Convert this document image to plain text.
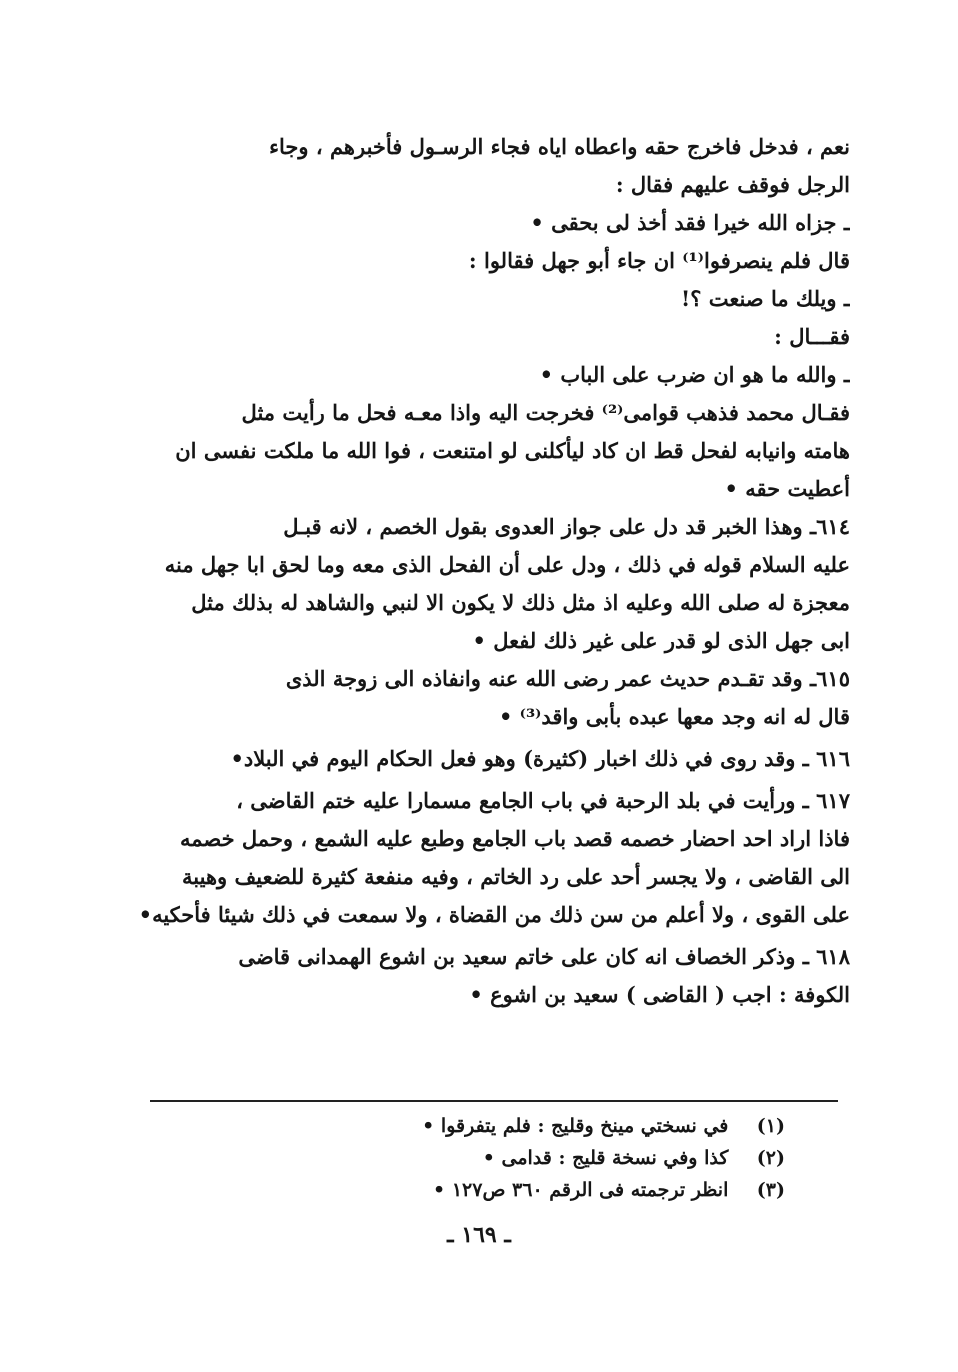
نعم ، فدخل فاخرج حقه واعطاه اياه فجاء الرسـول فأخبرهم ، وجاء
الرجل فوقف عليهم فقال :
ـ جزاه الله خيرا فقد أخذ لى بحقى •
قال فلم ينصرفوا⁽¹⁾ ان جاء أبو جهل فقالوا :
ـ ويلك ما صنعت ؟!
فقـــال :
ـ والله ما هو ان ضرب على الباب •
فقـال محمد فذهب قوامى⁽²⁾ فخرجت اليه واذا معـه فحل ما رأيت مثل
هامته وانيابه لفحل قط ان كاد ليأكلنى لو امتنعت ، فوا الله ما ملكت نفسى ان
أعطيت حقه •
٦١٤ـ وهذا الخبر قد دل على جواز العدوى بقول الخصم ، لانه قبـل
عليه السلام قوله في ذلك ، ودل على أن الفحل الذى معه وما لحق ابا جهل منه
معجزة له صلى الله وعليه اذ مثل ذلك لا يكون الا لنبي والشاهد له بذلك مثل
ابى جهل الذى لو قدر على غير ذلك لفعل •
٦١٥ـ وقد تقـدم حديث عمر رضى الله عنه وانفاذه الى زوجة الذى
قال له انه وجد معها عبده بأبى واقد⁽³⁾ •
٦١٦ ـ وقد روى في ذلك اخبار (كثيرة) وهو فعل الحكام اليوم في البلاد•
٦١٧ ـ ورأيت في بلد الرحبة في باب الجامع مسمارا عليه ختم القاضى ،
فاذا اراد احد احضار خصمه قصد باب الجامع وطبع عليه الشمع ، وحمل خصمه
الى القاضى ، ولا يجسر أحد على رد الخاتم ، وفيه منفعة كثيرة للضعيف وهيبة
على القوى ، ولا أعلم من سن ذلك من القضاة ، ولا سمعت في ذلك شيئا فأحكيه•
٦١٨ ـ وذكر الخصاف انه كان على خاتم سعيد بن اشوع الهمدانى قاضى
الكوفة : اجب ( القاضى ) سعيد بن اشوع •
(١) في نسختي مينخ وقليج : فلم يتفرقوا •
(٢) كذا وفي نسخة قليج : قدامى •
(٣) انظر ترجمته فى الرقم ٣٦٠ ص١٢٧ •
ـ ١٦٩ ـ
